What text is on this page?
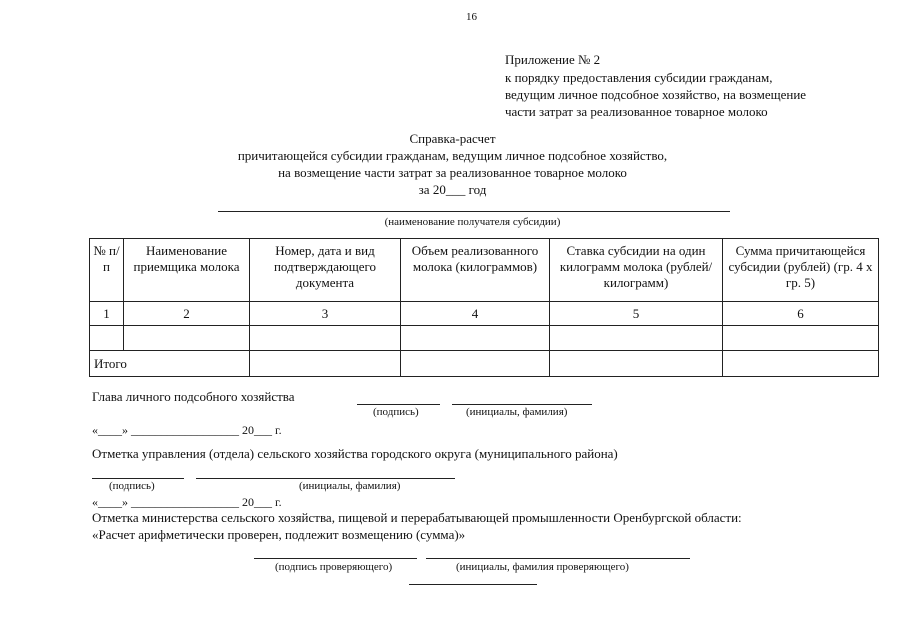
16
Приложение № 2
к порядку предоставления субсидии гражданам,
ведущим личное подсобное хозяйство, на возмещение
части затрат за реализованное товарное молоко
Справка-расчет
причитающейся субсидии гражданам, ведущим личное подсобное хозяйство,
на возмещение части затрат за реализованное товарное молоко
за 20___ год
(наименование получателя субсидии)
№ п/п	Наименование приемщика молока	Номер, дата и вид подтверждающего документа	Объем реализованного молока (килограммов)	Ставка субсидии на один килограмм молока (рублей/килограмм)	Сумма причитающейся субсидии (рублей) (гр. 4 х гр. 5)
1	2	3	4	5	6

Итого					
Глава личного подсобного хозяйства
(подпись)	(инициалы, фамилия)
«____» __________________ 20___ г.
Отметка управления (отдела) сельского хозяйства городского округа (муниципального района)
(подпись)	(инициалы, фамилия)
«____» __________________ 20___ г.
Отметка министерства сельского хозяйства, пищевой и перерабатывающей промышленности Оренбургской области:
«Расчет арифметически проверен, подлежит возмещению (сумма)»
(подпись проверяющего)	(инициалы, фамилия проверяющего)
